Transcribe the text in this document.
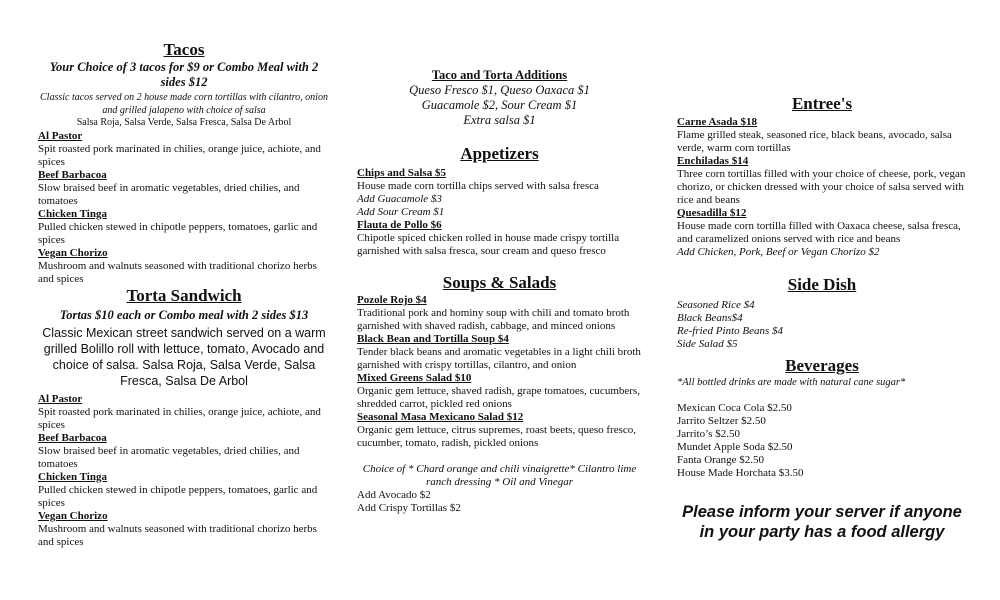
Tacos
Your Choice of 3 tacos for $9 or Combo Meal with 2 sides $12
Classic tacos served on 2 house made corn tortillas with cilantro, onion and grilled jalapeno with choice of salsa
Salsa Roja, Salsa Verde, Salsa Fresca, Salsa De Arbol
Al Pastor
Spit roasted pork marinated in chilies, orange juice, achiote, and spices
Beef Barbacoa
Slow braised beef in aromatic vegetables, dried chilies, and tomatoes
Chicken Tinga
Pulled chicken stewed in chipotle peppers, tomatoes, garlic and spices
Vegan Chorizo
Mushroom and walnuts seasoned with traditional chorizo herbs and spices
Torta Sandwich
Tortas $10 each or Combo meal with 2 sides $13
Classic Mexican street sandwich served on a warm grilled Bolillo roll with lettuce, tomato, Avocado and choice of salsa. Salsa Roja, Salsa Verde, Salsa Fresca, Salsa De Arbol
Al Pastor
Spit roasted pork marinated in chilies, orange juice, achiote, and spices
Beef Barbacoa
Slow braised beef in aromatic vegetables, dried chilies, and tomatoes
Chicken Tinga
Pulled chicken stewed in chipotle peppers, tomatoes, garlic and spices
Vegan Chorizo
Mushroom and walnuts seasoned with traditional chorizo herbs and spices
Taco and Torta Additions
Queso Fresco $1, Queso Oaxaca $1
Guacamole $2, Sour Cream $1
Extra salsa $1
Appetizers
Chips and Salsa $5
House made corn tortilla chips served with salsa fresca
Add Guacamole $3
Add Sour Cream $1
Flauta de Pollo $6
Chipotle spiced chicken rolled in house made crispy tortilla garnished with salsa fresca, sour cream and queso fresco
Soups & Salads
Pozole Rojo $4
Traditional pork and hominy soup with chili and tomato broth garnished with shaved radish, cabbage, and minced onions
Black Bean and Tortilla Soup $4
Tender black beans and aromatic vegetables in a light chili broth garnished with crispy tortillas, cilantro, and onion
Mixed Greens Salad $10
Organic gem lettuce, shaved radish, grape tomatoes, cucumbers, shredded carrot, pickled red onions
Seasonal Masa Mexicano Salad $12
Organic gem lettuce, citrus supremes, roast beets, queso fresco, cucumber, tomato, radish, pickled onions
Choice of * Chard orange and chili vinaigrette* Cilantro lime ranch dressing * Oil and Vinegar
Add Avocado $2
Add Crispy Tortillas $2
Entree's
Carne Asada $18
Flame grilled steak, seasoned rice, black beans, avocado, salsa verde, warm corn tortillas
Enchiladas $14
Three corn tortillas filled with your choice of cheese, pork, vegan chorizo, or chicken dressed with your choice of salsa served with rice and beans
Quesadilla $12
House made corn tortilla filled with Oaxaca cheese, salsa fresca, and caramelized onions served with rice and beans
Add Chicken, Pork, Beef or Vegan Chorizo $2
Side Dish
Seasoned Rice $4
Black Beans$4
Re-fried Pinto Beans $4
Side Salad $5
Beverages
*All bottled drinks are made with natural cane sugar*
Mexican Coca Cola $2.50
Jarrito Seltzer $2.50
Jarrito’s $2.50
Mundet Apple Soda $2.50
Fanta Orange $2.50
House Made Horchata $3.50
Please inform your server if anyone in your party has a food allergy
